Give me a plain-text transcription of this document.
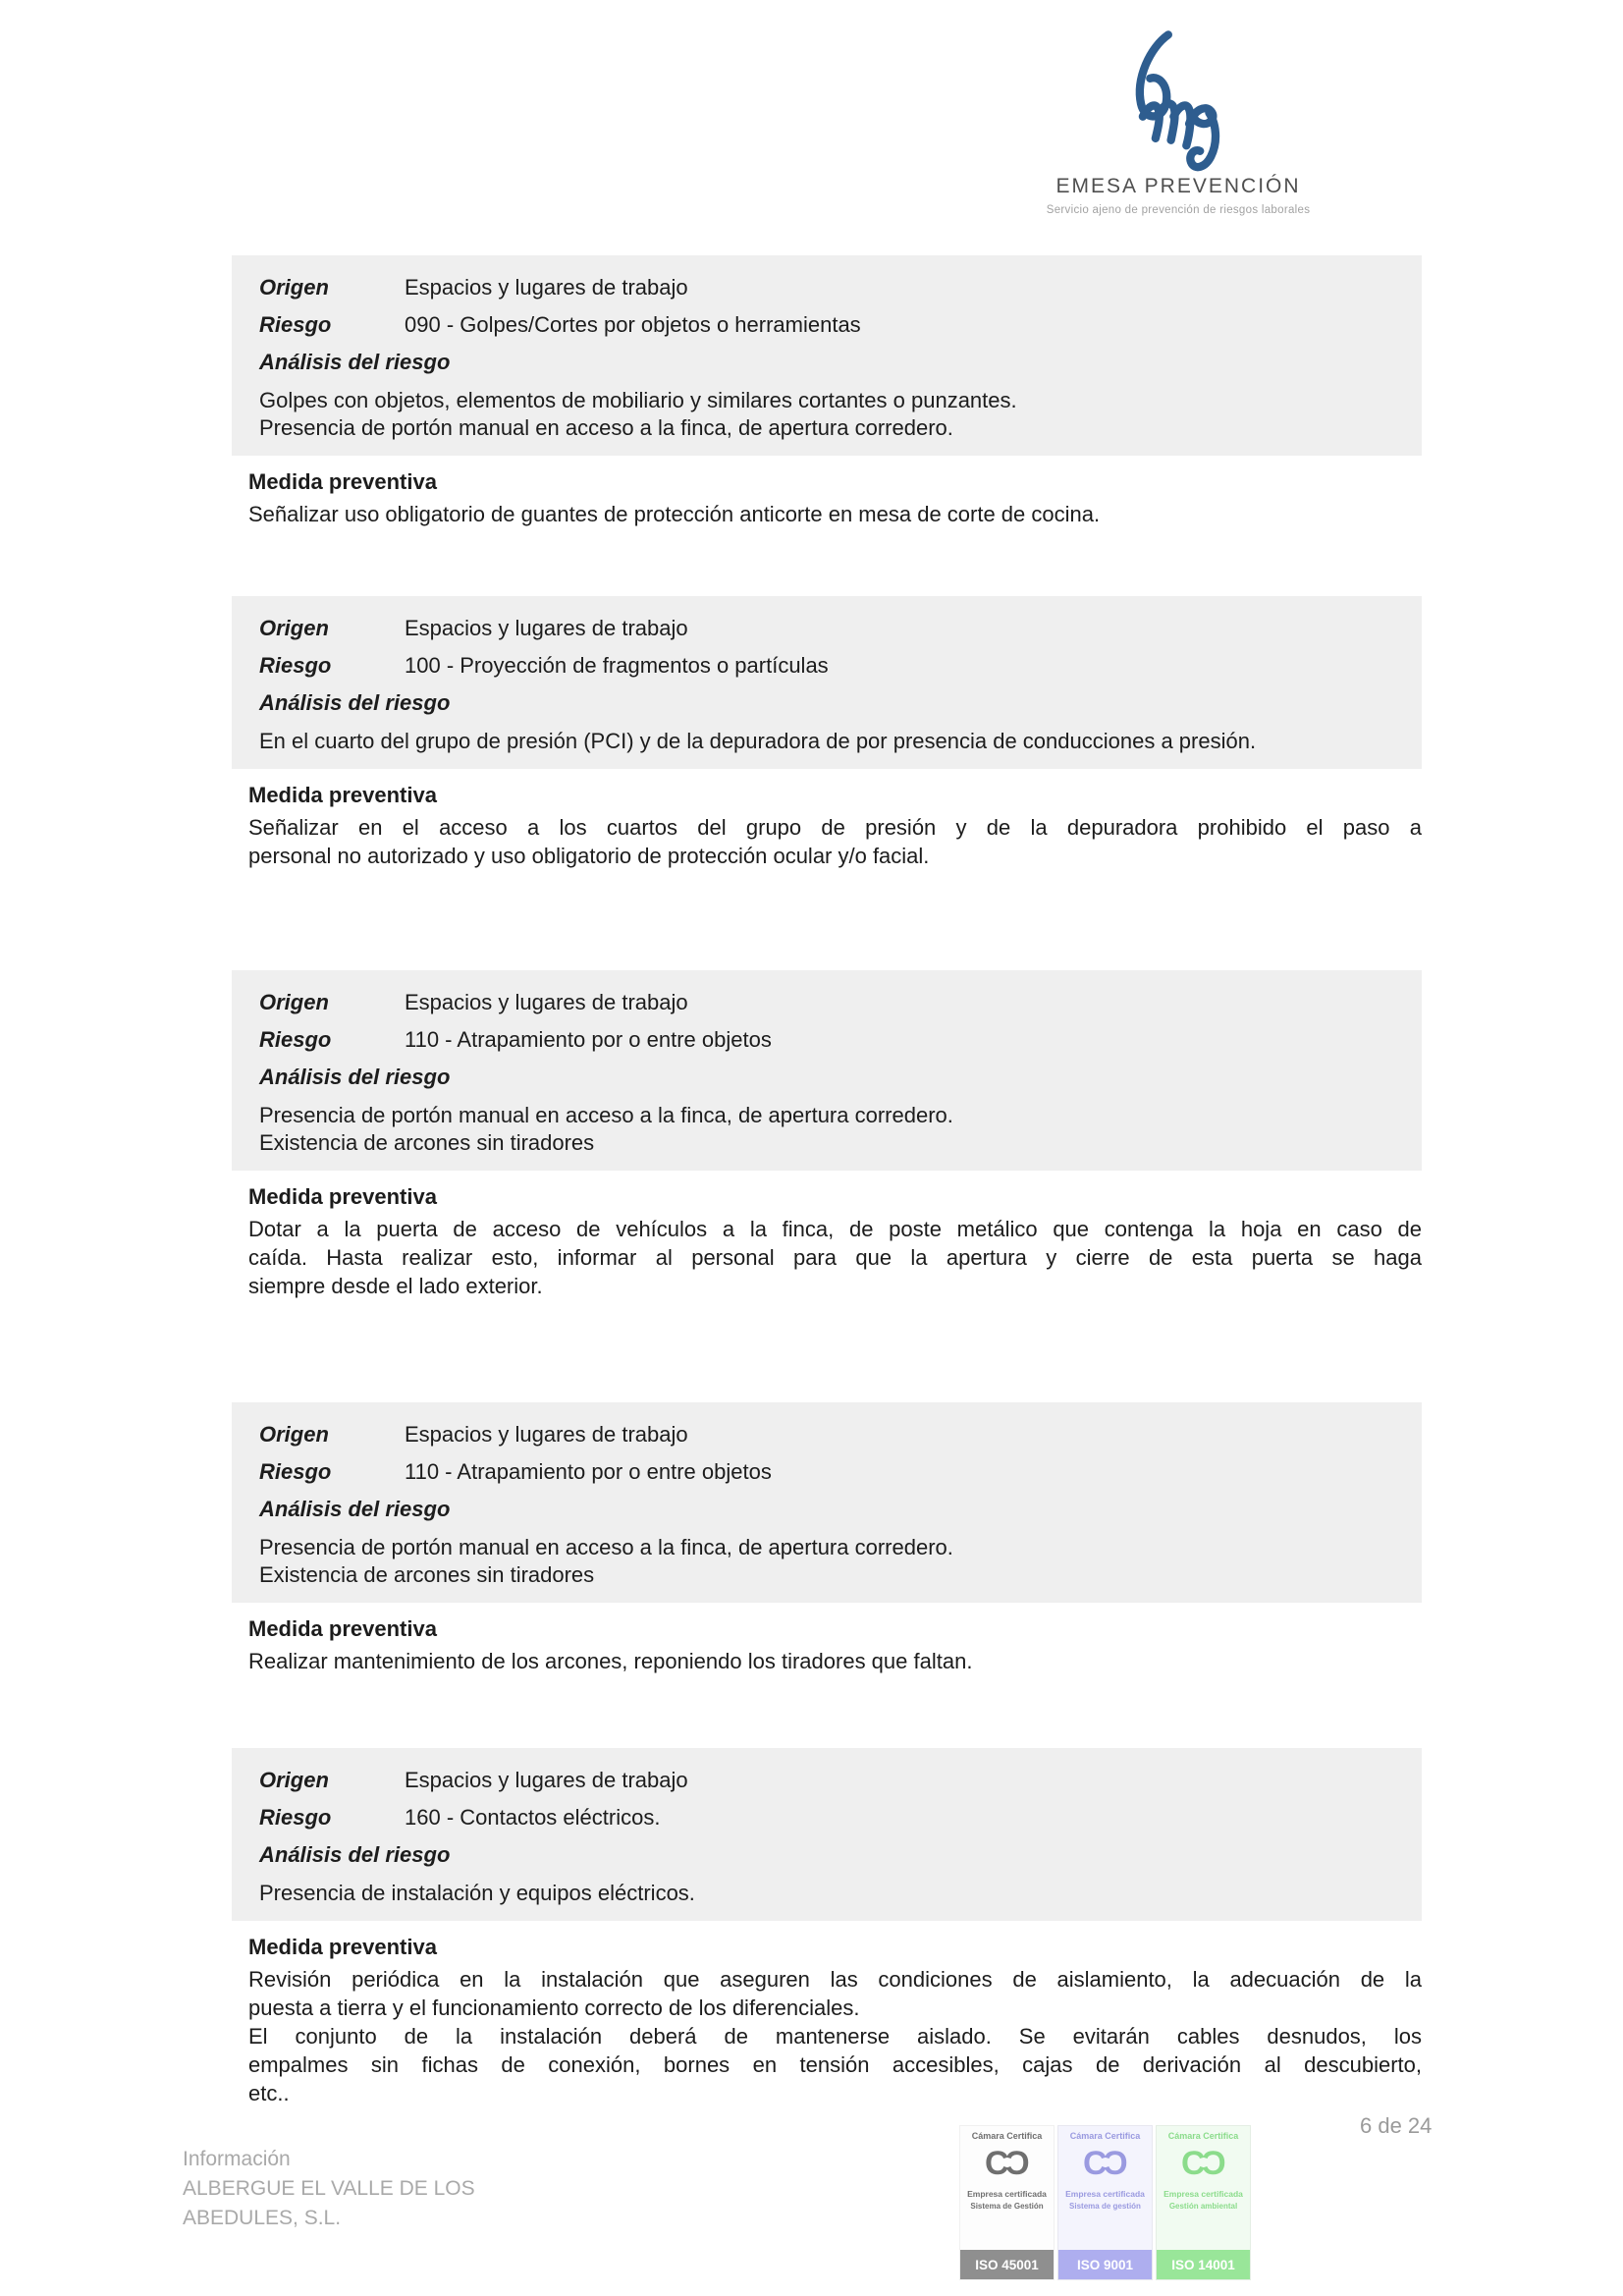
EMESA PREVENCIÓN
Servicio ajeno de prevención de riesgos laborales
Origen	Espacios y lugares de trabajo
Riesgo	090 - Golpes/Cortes por objetos o herramientas
Análisis del riesgo
Golpes con objetos, elementos de mobiliario y similares cortantes o punzantes.
Presencia de portón manual en acceso a la finca, de apertura corredero.
Medida preventiva
Señalizar uso obligatorio de guantes de protección anticorte en mesa de corte de cocina.
Origen	Espacios y lugares de trabajo
Riesgo	100 - Proyección de fragmentos o partículas
Análisis del riesgo
En el cuarto del grupo de presión (PCI) y de la depuradora de por presencia de conducciones a presión.
Medida preventiva
Señalizar en el acceso a los cuartos del grupo de presión y de la depuradora prohibido el paso a
personal no autorizado y uso obligatorio de protección ocular y/o facial.
Origen	Espacios y lugares de trabajo
Riesgo	110 - Atrapamiento por o entre objetos
Análisis del riesgo
Presencia de portón manual en acceso a la finca, de apertura corredero.
Existencia de arcones sin tiradores
Medida preventiva
Dotar a la puerta de acceso de vehículos a la finca, de poste metálico que contenga la hoja en caso de
caída. Hasta realizar esto, informar al personal para que la apertura y cierre de esta puerta se haga
siempre desde el lado exterior.
Origen	Espacios y lugares de trabajo
Riesgo	110 - Atrapamiento por o entre objetos
Análisis del riesgo
Presencia de portón manual en acceso a la finca, de apertura corredero.
Existencia de arcones sin tiradores
Medida preventiva
Realizar mantenimiento de los arcones, reponiendo los tiradores que faltan.
Origen	Espacios y lugares de trabajo
Riesgo	160 - Contactos eléctricos.
Análisis del riesgo
Presencia de instalación y equipos eléctricos.
Medida preventiva
Revisión periódica en la instalación que aseguren las condiciones de aislamiento, la adecuación de la
puesta a tierra y el funcionamiento correcto de los diferenciales.
El conjunto de la instalación deberá de mantenerse aislado. Se evitarán cables desnudos, los
empalmes sin fichas de conexión, bornes en tensión accesibles, cajas de derivación al descubierto,
etc..
Información
ALBERGUE EL VALLE DE LOS
ABEDULES, S.L.
Cámara Certifica
C C
Empresa certificada
Sistema de Gestión
ISO 45001
Cámara Certifica
C C
Empresa certificada
Sistema de gestión
ISO 9001
Cámara Certifica
C C
Empresa certificada
Gestión ambiental
ISO 14001
6 de 24
